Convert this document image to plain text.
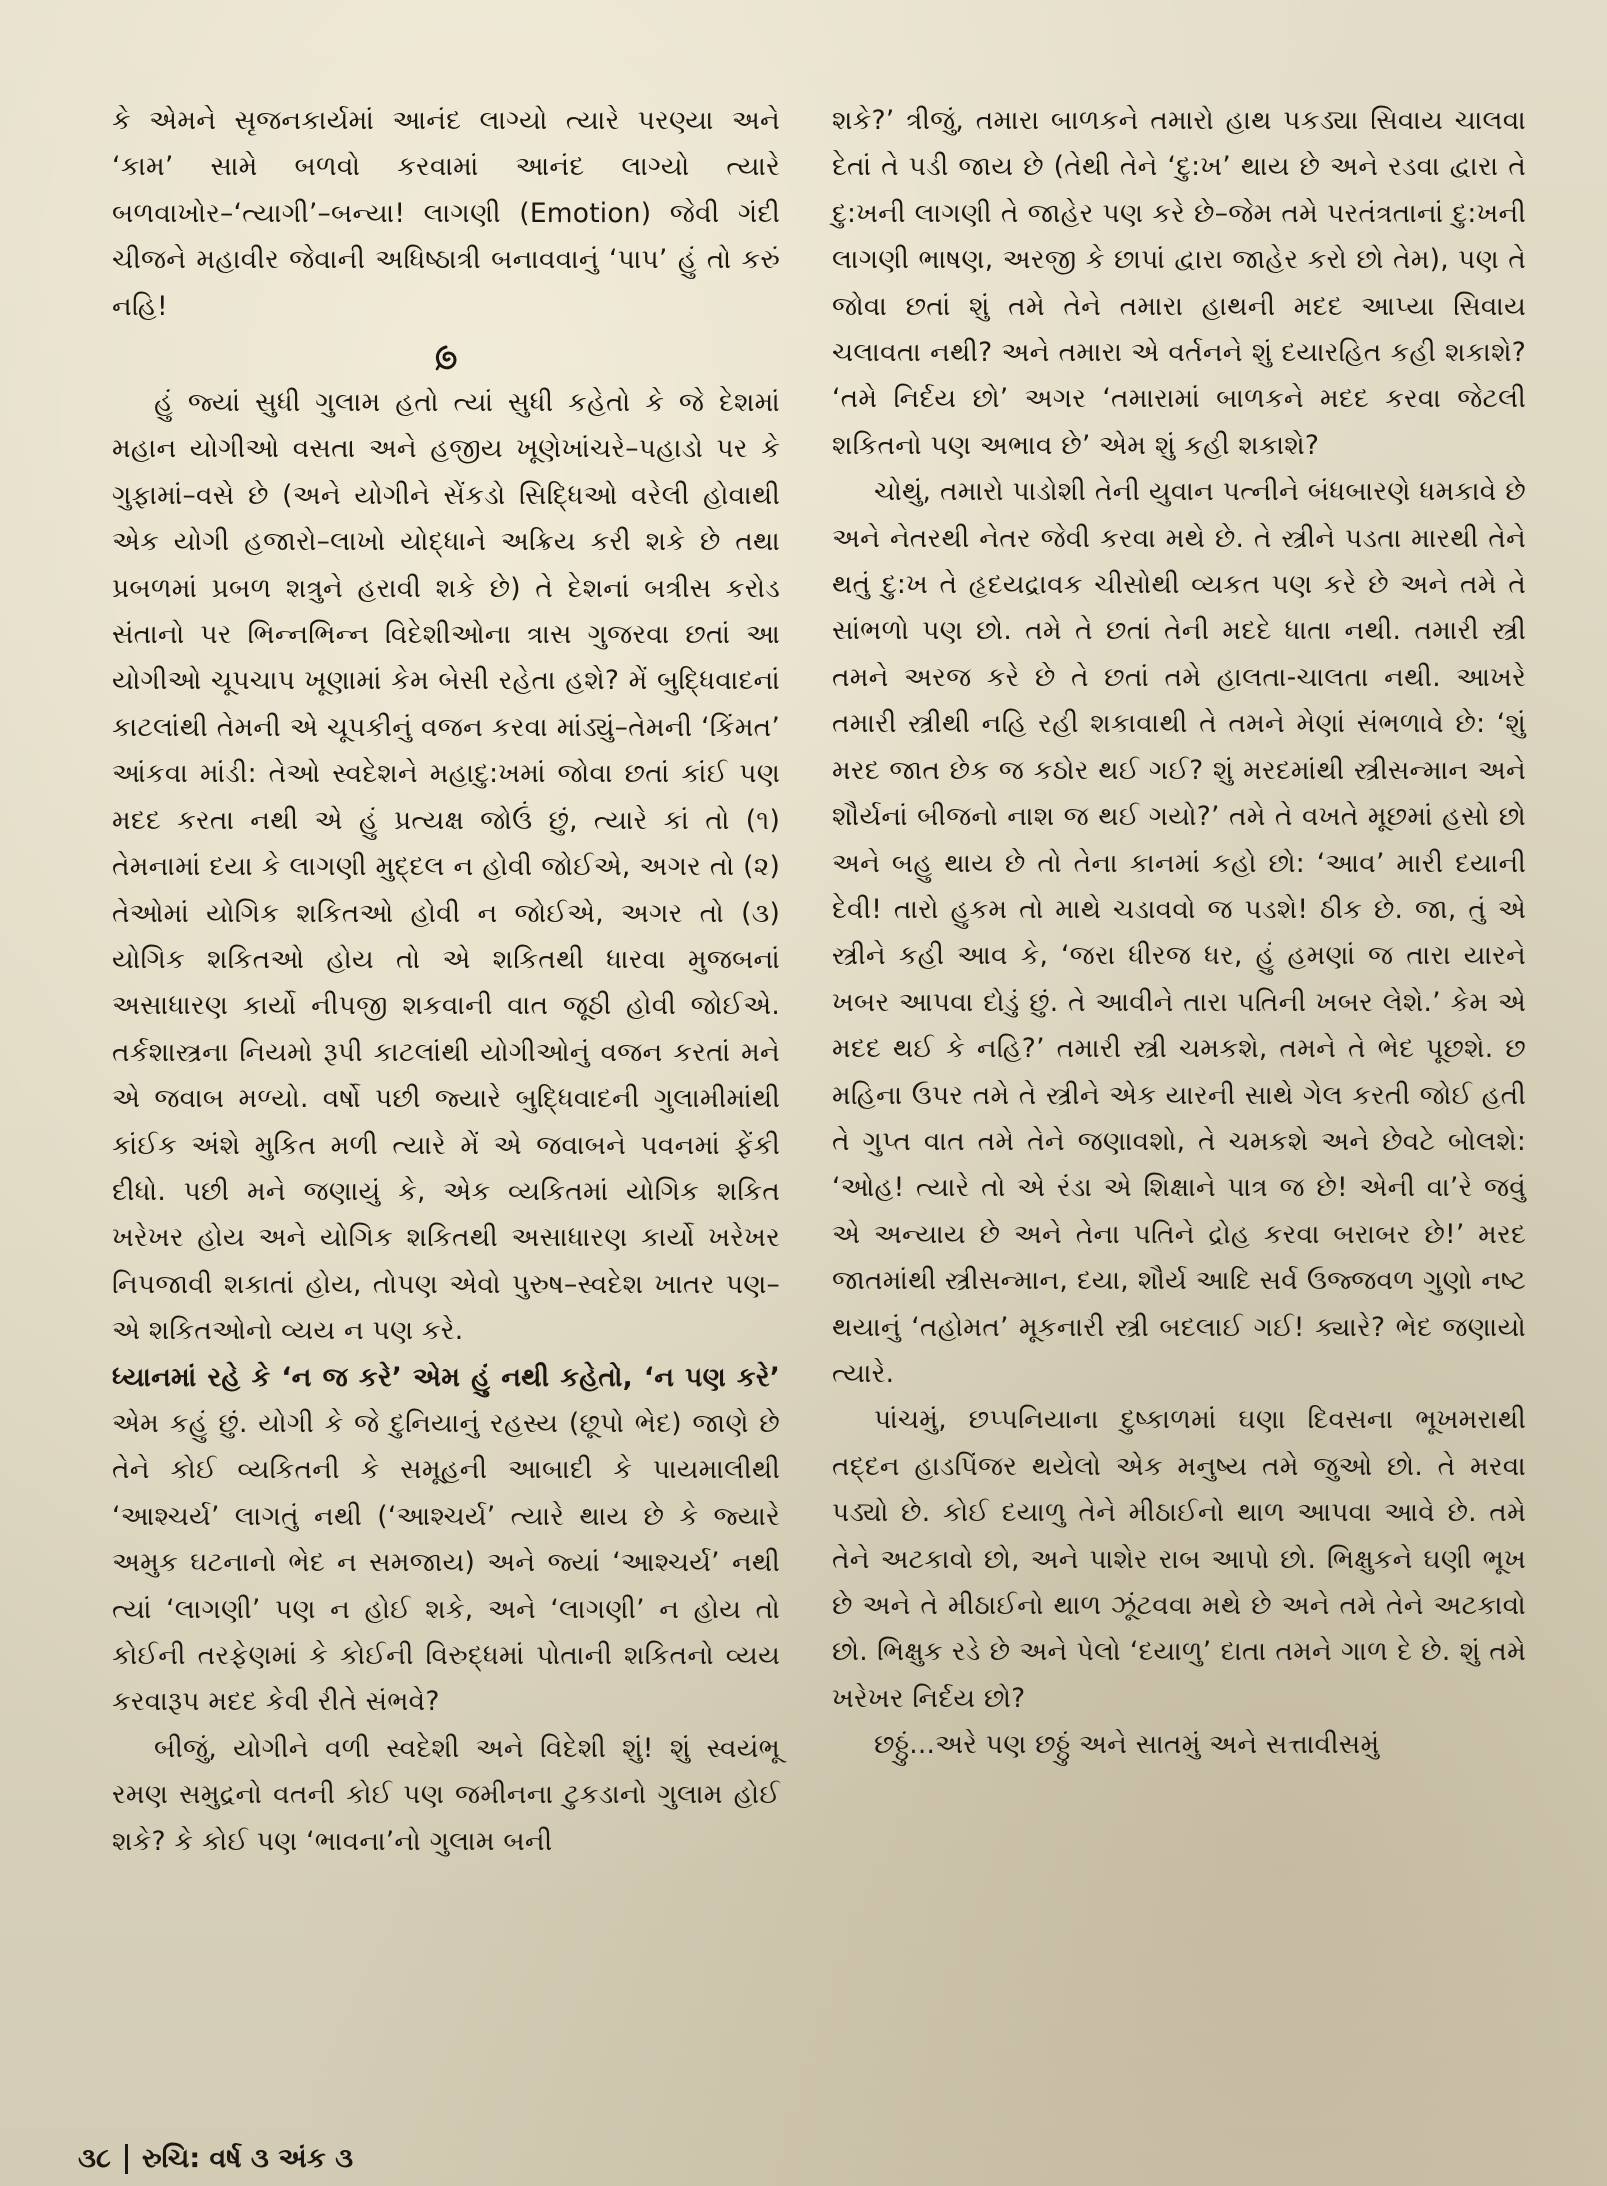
કે એમને સૃજનકાર્યમાં આનંદ લાગ્યો ત્યારે પરણ્યા અને ‘કામ’ સામે બળવો કરવામાં આનંદ લાગ્યો ત્યારે બળવાખોર–‘ત્યાગી’–બન્યા! લાગણી (Emotion) જેવી ગંદી ચીજને મહાવીર જેવાની અધિષ્ઠાત્રી બનાવવાનું ‘પાપ’ હું તો કરું નહિ!

હું જ્યાં સુધી ગુલામ હતો ત્યાં સુધી કહેતો કે જે દેશમાં મહાન યોગીઓ વસતા અને હજીય ખૂણેખાંચરે–પહાડો પર કે ગુફામાં–વસે છે (અને યોગીને સેંકડો સિદ્ધિઓ વરેલી હોવાથી એક યોગી હજારો–લાખો યોદ્ધાને અક્રિય કરી શકે છે તથા પ્રબળમાં પ્રબળ શત્રુને હરાવી શકે છે) તે દેશનાં બત્રીસ કરોડ સંતાનો પર ભિન્નભિન્ન વિદેશીઓના ત્રાસ ગુજરવા છતાં આ યોગીઓ ચૂપચાપ ખૂણામાં કેમ બેસી રહેતા હશે? મેં બુદ્ધિવાદનાં કાટલાંથી તેમની એ ચૂપકીનું વજન કરવા માંડ્યું–તેમની ‘કિંમત’ આંકવા માંડી: તેઓ સ્વદેશને મહાદુ:ખમાં જોવા છતાં કાંઈ પણ મદદ કરતા નથી એ હું પ્રત્યક્ષ જોઉં છું, ત્યારે કાં તો (૧) તેમનામાં દયા કે લાગણી મુદ્દલ ન હોવી જોઈએ, અગર તો (૨) તેઓમાં યોગિક શકિતઓ હોવી ન જોઈએ, અગર તો (૩) યોગિક શકિતઓ હોય તો એ શકિતથી ધારવા મુજબનાં અસાધારણ કાર્યો નીપજી શકવાની વાત જૂઠી હોવી જોઈએ. તર્કશાસ્ત્રના નિયમો રૂપી કાટલાંથી યોગીઓનું વજન કરતાં મને એ જવાબ મળ્યો. વર્ષો પછી જ્યારે બુદ્ધિવાદની ગુલામીમાંથી કાંઈક અંશે મુકિત મળી ત્યારે મેં એ જવાબને પવનમાં ફેંકી દીધો. પછી મને જણાયું કે, એક વ્યકિતમાં યોગિક શકિત ખરેખર હોય અને યોગિક શકિતથી અસાધારણ કાર્યો ખરેખર નિપજાવી શકાતાં હોય, તોપણ એવો પુરુષ–સ્વદેશ ખાતર પણ–એ શકિતઓનો વ્યય ન પણ કરે.

ધ્યાનમાં રહે કે ‘ન જ કરે’ એમ હું નથી કહેતો, ‘ન પણ કરે’ એમ કહું છું. યોગી કે જે દુનિયાનું રહસ્ય (છૂપો ભેદ) જાણે છે તેને કોઈ વ્યકિતની કે સમૂહની આબાદી કે પાયમાલીથી ‘આશ્ચર્ય’ લાગતું નથી (‘આશ્ચર્ય’ ત્યારે થાય છે કે જ્યારે અમુક ઘટનાનો ભેદ ન સમજાય) અને જ્યાં ‘આશ્ચર્ય’ નથી ત્યાં ‘લાગણી’ પણ ન હોઈ શકે, અને ‘લાગણી’ ન હોય તો કોઈની તરફેણમાં કે કોઈની વિરુદ્ધમાં પોતાની શકિતનો વ્યય કરવારૂપ મદદ કેવી રીતે સંભવે?

બીજું, યોગીને વળી સ્વદેશી અને વિદેશી શું! શું સ્વયંભૂ રમણ સમુદ્રનો વતની કોઈ પણ જમીનના ટુકડાનો ગુલામ હોઈ શકે? કે કોઈ પણ ‘ભાવના’નો ગુલામ બની

શકે?’ ત્રીજું, તમારા બાળકને તમારો હાથ પકડ્યા સિવાય ચાલવા દેતાં તે પડી જાય છે (તેથી તેને ‘દુ:ખ’ થાય છે અને રડવા દ્વારા તે દુ:ખની લાગણી તે જાહેર પણ કરે છે–જેમ તમે પરતંત્રતાનાં દુ:ખની લાગણી ભાષણ, અરજી કે છાપાં દ્વારા જાહેર કરો છો તેમ), પણ તે જોવા છતાં શું તમે તેને તમારા હાથની મદદ આપ્યા સિવાય ચલાવતા નથી? અને તમારા એ વર્તનને શું દયારહિત કહી શકાશે? ‘તમે નિર્દય છો’ અગર ‘તમારામાં બાળકને મદદ કરવા જેટલી શકિતનો પણ અભાવ છે’ એમ શું કહી શકાશે?

ચોથું, તમારો પાડોશી તેની યુવાન પત્નીને બંધબારણે ધમકાવે છે અને નેતરથી નેતર જેવી કરવા મથે છે. તે સ્ત્રીને પડતા મારથી તેને થતું દુ:ખ તે હૃદયદ્રાવક ચીસોથી વ્યકત પણ કરે છે અને તમે તે સાંભળો પણ છો. તમે તે છતાં તેની મદદે ધાતા નથી. તમારી સ્ત્રી તમને અરજ કરે છે તે છતાં તમે હાલતા-ચાલતા નથી. આખરે તમારી સ્ત્રીથી નહિ રહી શકાવાથી તે તમને મેણાં સંભળાવે છે: ‘શું મરદ જાત છેક જ કઠોર થઈ ગઈ? શું મરદમાંથી સ્ત્રીસન્માન અને શૌર્યનાં બીજનો નાશ જ થઈ ગયો?’ તમે તે વખતે મૂછમાં હસો છો અને બહુ થાય છે તો તેના કાનમાં કહો છો: ‘આવ’ મારી દયાની દેવી! તારો હુકમ તો માથે ચડાવવો જ પડશે! ઠીક છે. જા, તું એ સ્ત્રીને કહી આવ કે, ‘જરા ધીરજ ધર, હું હમણાં જ તારા યારને ખબર આપવા દોડું છું. તે આવીને તારા પતિની ખબર લેશે.’ કેમ એ મદદ થઈ કે નહિ?’ તમારી સ્ત્રી ચમકશે, તમને તે ભેદ પૂછશે. છ મહિના ઉપર તમે તે સ્ત્રીને એક યારની સાથે ગેલ કરતી જોઈ હતી તે ગુપ્ત વાત તમે તેને જણાવશો, તે ચમકશે અને છેવટે બોલશે: ‘ઓહ! ત્યારે તો એ રંડા એ શિક્ષાને પાત્ર જ છે! એની વા’રે જવું એ અન્યાય છે અને તેના પતિને દ્રોહ કરવા બરાબર છે!’ મરદ જાતમાંથી સ્ત્રીસન્માન, દયા, શૌર્ય આદિ સર્વ ઉજ્જવળ ગુણો નષ્ટ થયાનું ‘તહોમત’ મૂકનારી સ્ત્રી બદલાઈ ગઈ! ક્યારે? ભેદ જણાયો ત્યારે.

પાંચમું, છપ્પનિયાના દુષ્કાળમાં ઘણા દિવસના ભૂખમરાથી તદ્દન હાડપિંજર થયેલો એક મનુષ્ય તમે જુઓ છો. તે મરવા પડ્યો છે. કોઈ દયાળુ તેને મીઠાઈનો થાળ આપવા આવે છે. તમે તેને અટકાવો છો, અને પાશેર રાબ આપો છો. ભિક્ષુકને ઘણી ભૂખ છે અને તે મીઠાઈનો થાળ ઝૂંટવવા મથે છે અને તમે તેને અટકાવો છો. ભિક્ષુક રડે છે અને પેલો ‘દયાળુ’ દાતા તમને ગાળ દે છે. શું તમે ખરેખર નિર્દય છો?

છઠ્ઠું...અરે પણ છઠ્ઠું અને સાતમું અને સત્તાવીસમું

૩૮ રુચિ: વર્ષ ૩ અંક ૩
